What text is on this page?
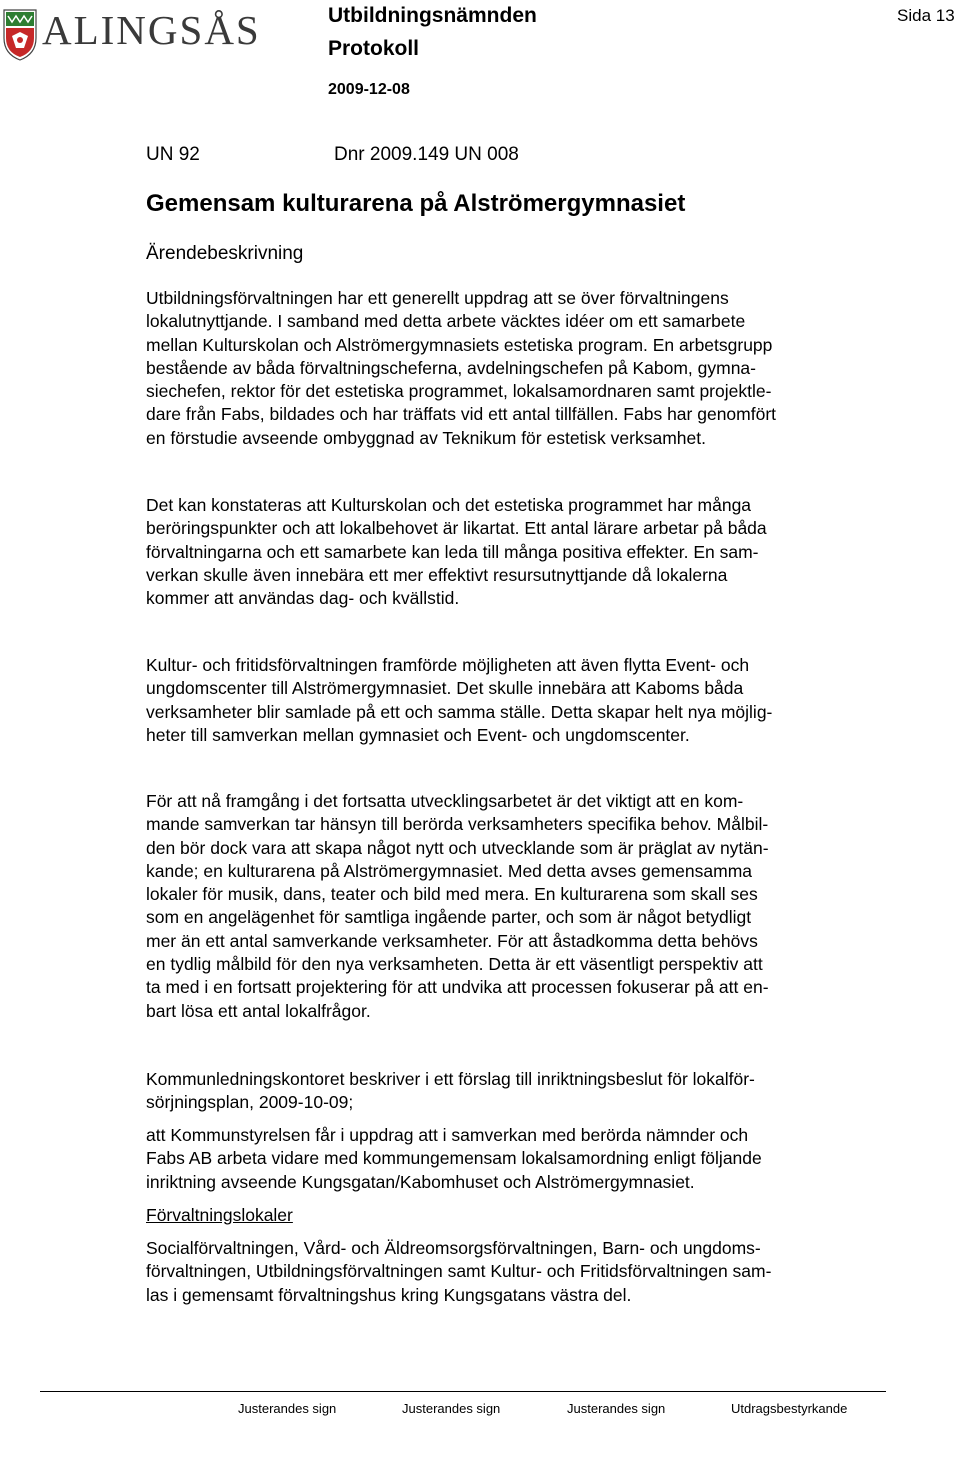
ALINGSÅS	Utbildningsnämnden
Protokoll
2009-12-08
Sida 13
UN 92	Dnr 2009.149 UN 008
Gemensam kulturarena på Alströmergymnasiet
Ärendebeskrivning
Utbildningsförvaltningen har ett generellt uppdrag att se över förvaltningens
lokalutnyttjande. I samband med detta arbete väcktes idéer om ett samarbete
mellan Kulturskolan och Alströmergymnasiets estetiska program. En arbetsgrupp
bestående av båda förvaltningscheferna, avdelningschefen på Kabom, gymna-
siechefen, rektor för det estetiska programmet, lokalsamordnaren samt projektle-
dare från Fabs, bildades och har träffats vid ett antal tillfällen. Fabs har genomfört
en förstudie avseende ombyggnad av Teknikum för estetisk verksamhet.
Det kan konstateras att Kulturskolan och det estetiska programmet har många
beröringspunkter och att lokalbehovet är likartat. Ett antal lärare arbetar på båda
förvaltningarna och ett samarbete kan leda till många positiva effekter. En sam-
verkan skulle även innebära ett mer effektivt resursutnyttjande då lokalerna
kommer att användas dag- och kvällstid.
Kultur- och fritidsförvaltningen framförde möjligheten att även flytta Event- och
ungdomscenter till Alströmergymnasiet. Det skulle innebära att Kaboms båda
verksamheter blir samlade på ett och samma ställe. Detta skapar helt nya möjlig-
heter till samverkan mellan gymnasiet och Event- och ungdomscenter.
För att nå framgång i det fortsatta utvecklingsarbetet är det viktigt att en kom-
mande samverkan tar hänsyn till berörda verksamheters specifika behov. Målbil-
den bör dock vara att skapa något nytt och utvecklande som är präglat av nytän-
kande; en kulturarena på Alströmergymnasiet. Med detta avses gemensamma
lokaler för musik, dans, teater och bild med mera. En kulturarena som skall ses
som en angelägenhet för samtliga ingående parter, och som är något betydligt
mer än ett antal samverkande verksamheter. För att åstadkomma detta behövs
en tydlig målbild för den nya verksamheten. Detta är ett väsentligt perspektiv att
ta med i en fortsatt projektering för att undvika att processen fokuserar på att en-
bart lösa ett antal lokalfrågor.
Kommunledningskontoret beskriver i ett förslag till inriktningsbeslut för lokalför-
sörjningsplan, 2009-10-09;
att Kommunstyrelsen får i uppdrag att i samverkan med berörda nämnder och
Fabs AB arbeta vidare med kommungemensam lokalsamordning enligt följande
inriktning avseende Kungsgatan/Kabomhuset och Alströmergymnasiet.
Förvaltningslokaler
Socialförvaltningen, Vård- och Äldreomsorgsförvaltningen, Barn- och ungdoms-
förvaltningen, Utbildningsförvaltningen samt Kultur- och Fritidsförvaltningen sam-
las i gemensamt förvaltningshus kring Kungsgatans västra del.
Justerandes sign	Justerandes sign	Justerandes sign	Utdragsbestyrkande
